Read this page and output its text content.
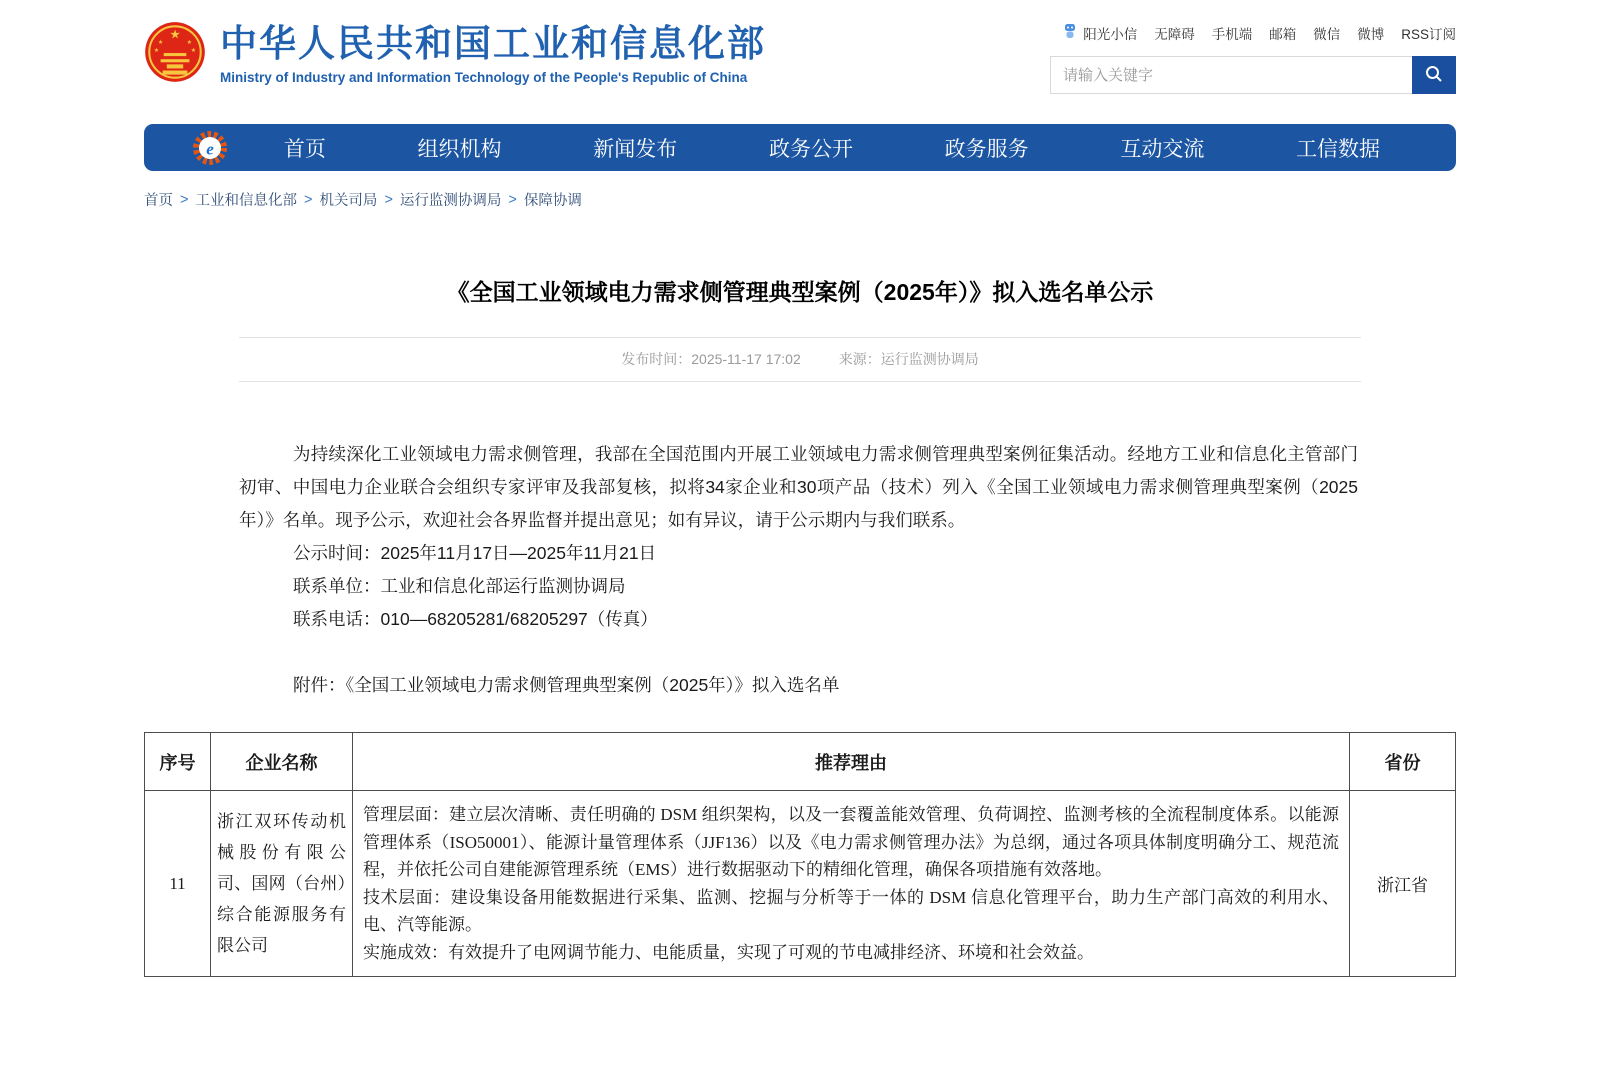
★
★	★
★	★ 中华人民共和国工业和信息化部
Ministry of Industry and Information Technology of the People's Republic of China
阳光小信 无障碍 手机端 邮箱 微信 微博 RSS订阅
请输入关键字
e	首页	组织机构	新闻发布	政务公开	政务服务	互动交流	工信数据
首页 > 工业和信息化部 > 机关司局 > 运行监测协调局 > 保障协调
《全国工业领域电力需求侧管理典型案例（2025年）》拟入选名单公示
发布时间：2025-11-17 17:02	来源：运行监测协调局

为持续深化工业领域电力需求侧管理，我部在全国范围内开展工业领域电力需求侧管理典型案例征集活动。经地方工业和信息化主管部门初审、中国电力企业联合会组织专家评审及我部复核，拟将34家企业和30项产品（技术）列入《全国工业领域电力需求侧管理典型案例（2025年）》名单。现予公示，欢迎社会各界监督并提出意见；如有异议，请于公示期内与我们联系。

公示时间：2025年11月17日—2025年11月21日
联系单位：工业和信息化部运行监测协调局
联系电话：010—68205281/68205297（传真）
附件：《全国工业领域电力需求侧管理典型案例（2025年）》拟入选名单
序号	企业名称	推荐理由	省份
11	浙江双环传动机械股份有限公司、国网（台州）综合能源服务有限公司	管理层面：建立层次清晰、责任明确的 DSM 组织架构，以及一套覆盖能效管理、负荷调控、监测考核的全流程制度体系。以能源管理体系（ISO50001）、能源计量管理体系（JJF136）以及《电力需求侧管理办法》为总纲，通过各项具体制度明确分工、规范流程，并依托公司自建能源管理系统（EMS）进行数据驱动下的精细化管理，确保各项措施有效落地。
技术层面：建设集设备用能数据进行采集、监测、挖掘与分析等于一体的 DSM 信息化管理平台，助力生产部门高效的利用水、电、汽等能源。
实施成效：有效提升了电网调节能力、电能质量，实现了可观的节电减排经济、环境和社会效益。	浙江省
